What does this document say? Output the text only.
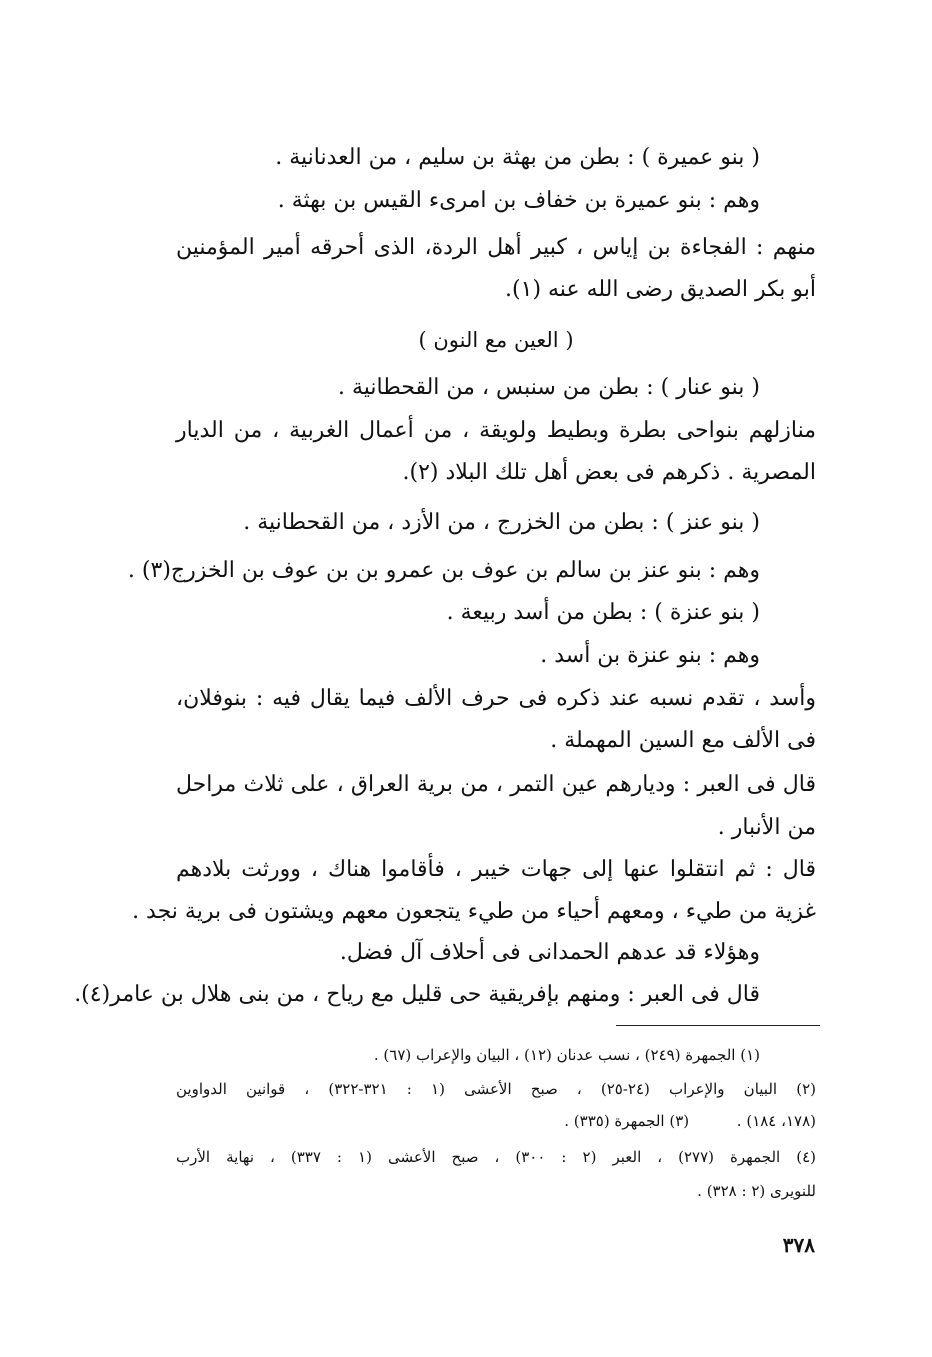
( بنو عميرة ) : بطن من بهثة بن سليم ، من العدنانية .
وهم : بنو عميرة بن خفاف بن امرىء القيس بن بهثة .
منهم : الفجاءة بن إياس ، كبير أهل الردة، الذى أحرقه أمير المؤمنين
أبو بكر الصديق رضى الله عنه (١).
( العين مع النون )
( بنو عنار ) : بطن من سنبس ، من القحطانية .
منازلهم بنواحى بطرة وبطيط ولويقة ، من أعمال الغربية ، من الديار
المصرية . ذكرهم فى بعض أهل تلك البلاد (٢).
( بنو عنز ) : بطن من الخزرج ، من الأزد ، من القحطانية .
وهم : بنو عنز بن سالم بن عوف بن عمرو بن بن عوف بن الخزرج(٣) .
( بنو عنزة ) : بطن من أسد ربيعة .
وهم : بنو عنزة بن أسد .
وأسد ، تقدم نسبه عند ذكره فى حرف الألف فيما يقال فيه : بنوفلان،
فى الألف مع السين المهملة .
قال فى العبر : وديارهم عين التمر ، من برية العراق ، على ثلاث مراحل
من الأنبار .
قال : ثم انتقلوا عنها إلى جهات خيبر ، فأقاموا هناك ، وورثت بلادهم
غزية من طيء ، ومعهم أحياء من طيء يتجعون معهم ويشتون فى برية نجد .
وهؤلاء قد عدهم الحمدانى فى أحلاف آل فضل.
قال فى العبر : ومنهم بإفريقية حى قليل مع رياح ، من بنى هلال بن عامر(٤).
(١) الجمهرة (٢٤٩) ، نسب عدنان (١٢) ، البيان والإعراب (٦٧) .
(٢) البيان والإعراب (٢٤-٢٥) ، صبح الأعشى (١ : ٣٢١-٣٢٢) ، قوانين الدواوين
(١٧٨، ١٨٤) .          (٣) الجمهرة (٣٣٥) .
(٤) الجمهرة (٢٧٧) ، العبر (٢ : ٣٠٠) ، صبح الأعشى (١ : ٣٣٧) ، نهاية الأرب
للنويرى (٢ : ٣٢٨) .
٣٧٨
